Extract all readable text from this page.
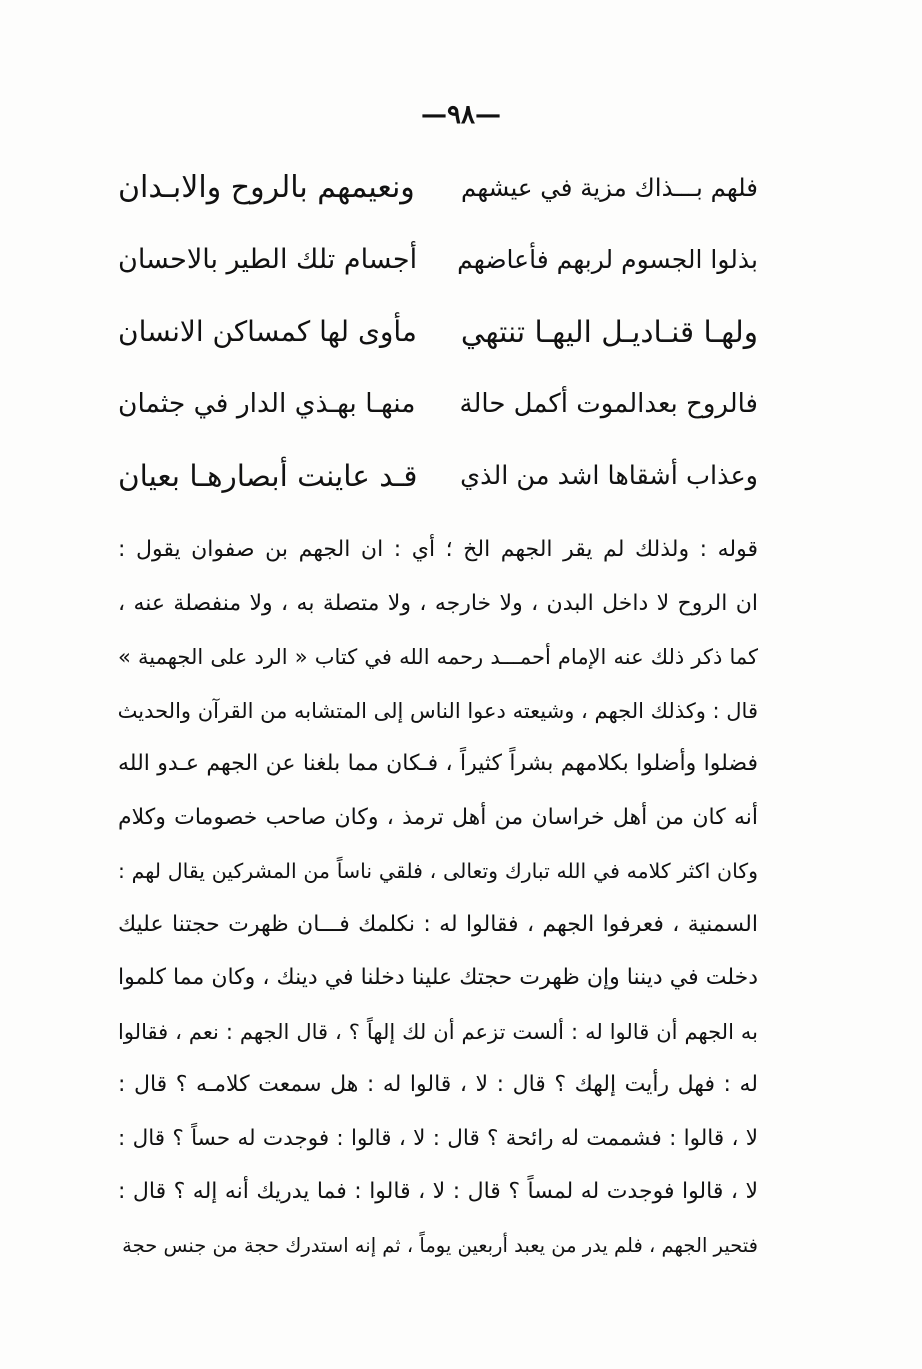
—٩٨—
فلهم بـــذاك مزية في عيشهم
ونعيمهم بالروح والابـدان
بذلوا الجسوم لربهم فأعاضهم
أجسام تلك الطير بالاحسان
ولهـا قنـاديـل اليهـا تنتهي
مأوى لها كمساكن الانسان
فالروح بعدالموت أكمل حالة
منهـا بهـذي الدار في جثمان
وعذاب أشقاها اشد من الذي
قـد عاينت أبصارهـا بعيان
قوله : ولذلك لم يقر الجهم الخ ؛ أي : ان الجهم بن صفوان يقول :
ان الروح لا داخل البدن ، ولا خارجه ، ولا متصلة به ، ولا منفصلة عنه ،
كما ذكر ذلك عنه الإمام أحمـــد رحمه الله في كتاب « الرد على الجهمية »
قال : وكذلك الجهم ، وشيعته دعوا الناس إلى المتشابه من القرآن والحديث
فضلوا وأضلوا بكلامهم بشراً كثيراً ، فـكان مما بلغنا عن الجهم عـدو الله
أنه كان من أهل خراسان من أهل ترمذ ، وكان صاحب خصومات وكلام
وكان اكثر كلامه في الله تبارك وتعالى ، فلقي ناساً من المشركين يقال لهم :
السمنية ، فعرفوا الجهم ، فقالوا له : نكلمك فـــان ظهرت حجتنا عليك
دخلت في ديننا وإن ظهرت حجتك علينا دخلنا في دينك ، وكان مما كلموا
به الجهم أن قالوا له : ألست تزعم أن لك إلهاً ؟ ، قال الجهم : نعم ، فقالوا
له : فهل رأيت إلهك ؟ قال : لا ، قالوا له : هل سمعت كلامـه ؟ قال :
لا ، قالوا : فشممت له رائحة ؟ قال : لا ، قالوا : فوجدت له حساً ؟ قال :
لا ، قالوا فوجدت له لمساً ؟ قال : لا ، قالوا : فما يدريك أنه إله ؟ قال :
فتحير الجهم ، فلم يدر من يعبد أربعين يوماً ، ثم إنه استدرك حجة من جنس حجة
